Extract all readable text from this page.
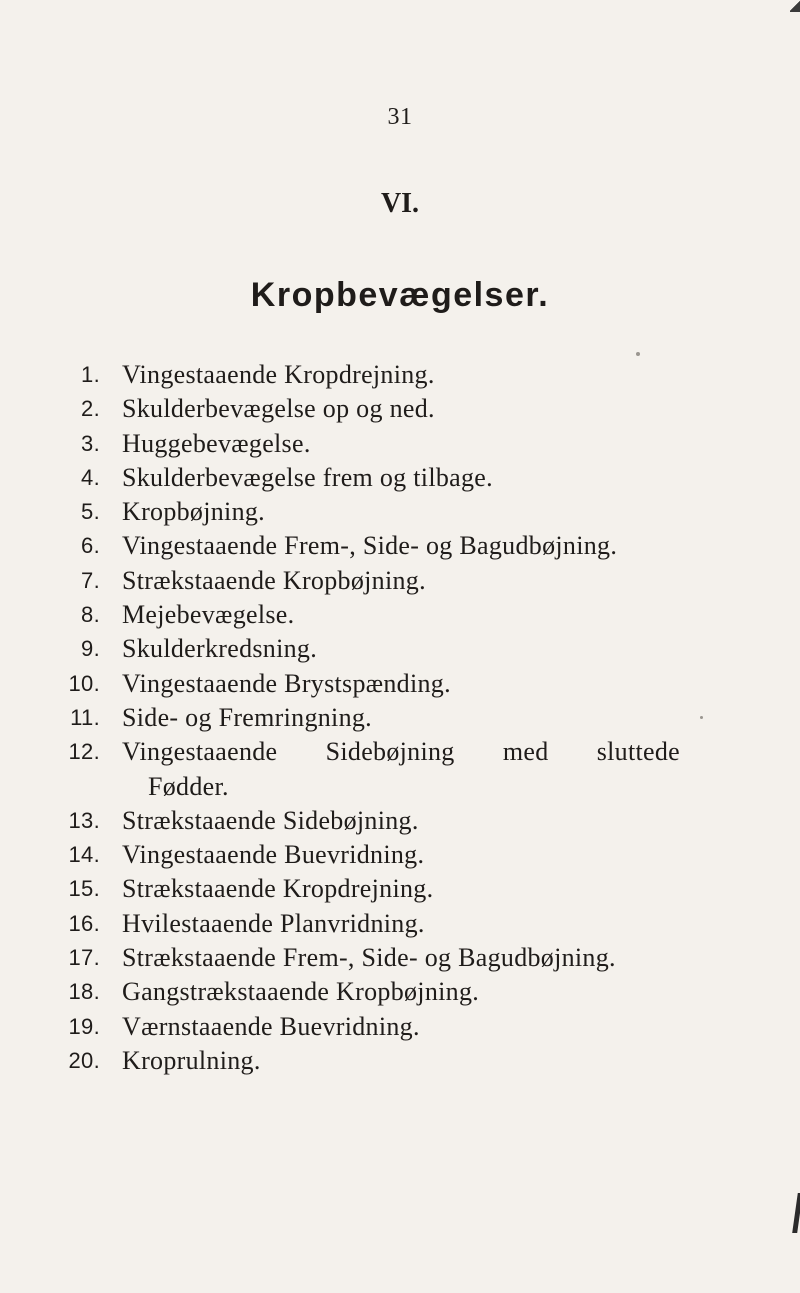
31
VI.
Kropbevægelser.
1. Vingestaaende Kropdrejning.
2. Skulderbevægelse op og ned.
3. Huggebevægelse.
4. Skulderbevægelse frem og tilbage.
5. Kropbøjning.
6. Vingestaaende Frem-, Side- og Bagudbøjning.
7. Strækstaaende Kropbøjning.
8. Mejebevægelse.
9. Skulderkredsning.
10. Vingestaaende Brystspænding.
11. Side- og Fremringning.
12. Vingestaaende Sidebøjning med sluttede
Fødder.
13. Strækstaaende Sidebøjning.
14. Vingestaaende Buevridning.
15. Strækstaaende Kropdrejning.
16. Hvilestaaende Planvridning.
17. Strækstaaende Frem-, Side- og Bagudbøjning.
18. Gangstrækstaaende Kropbøjning.
19. Værnstaaende Buevridning.
20. Kroprulning.
